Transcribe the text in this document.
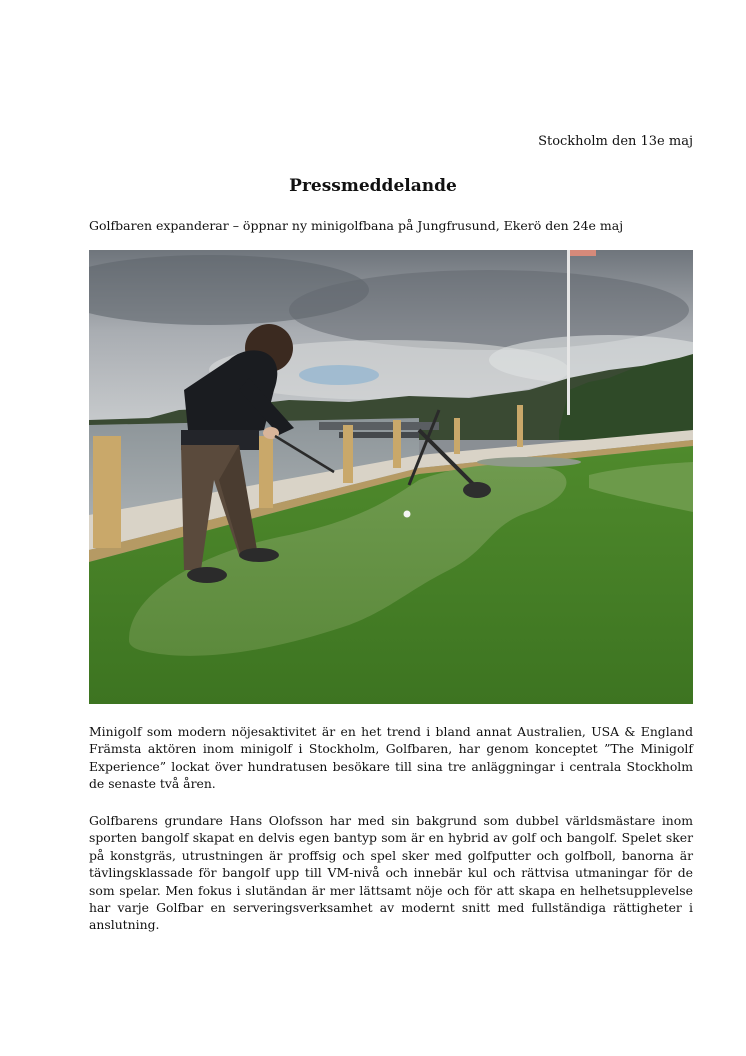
Stockholm den 13e maj
Pressmeddelande
Golfbaren expanderar – öppnar ny minigolfbana på Jungfrusund, Ekerö den 24e maj

Minigolf som modern nöjesaktivitet är en het trend i bland annat Australien, USA & England Främsta aktören inom minigolf i Stockholm, Golfbaren, har genom konceptet ”The Minigolf Experience” lockat över hundratusen besökare till sina tre anläggningar i centrala Stockholm de senaste två åren.

Golfbarens grundare Hans Olofsson har med sin bakgrund som dubbel världsmästare inom sporten bangolf skapat en delvis egen bantyp som är en hybrid av golf och bangolf. Spelet sker på konstgräs, utrustningen är proffsig och spel sker med golfputter och golfboll, banorna är tävlingsklassade för bangolf upp till VM-nivå och innebär kul och rättvisa utmaningar för de som spelar. Men fokus i slutändan är mer lättsamt nöje och för att skapa en helhetsupplevelse har varje Golfbar en serveringsverksamhet av modernt snitt med fullständiga rättigheter i anslutning.
